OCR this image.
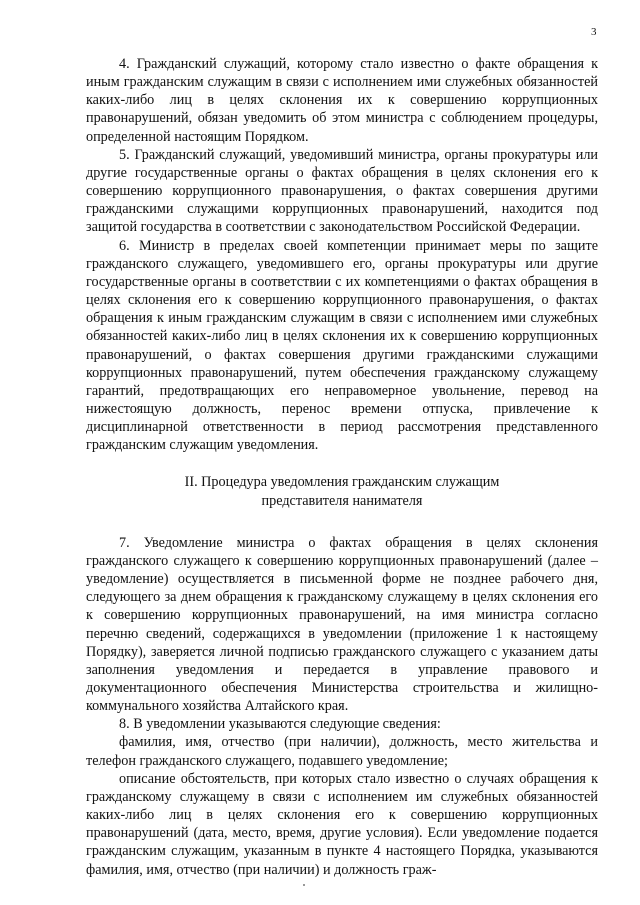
3

4. Гражданский служащий, которому стало известно о факте обращения к иным гражданским служащим в связи с исполнением ими служебных обязанностей каких-либо лиц в целях склонения их к совершению коррупционных правонарушений, обязан уведомить об этом министра с соблюдением процедуры, определенной настоящим Порядком.

5. Гражданский служащий, уведомивший министра, органы прокуратуры или другие государственные органы о фактах обращения в целях склонения его к совершению коррупционного правонарушения, о фактах совершения другими гражданскими служащими коррупционных правонарушений, находится под защитой государства в соответствии с законодательством Российской Федерации.

6. Министр в пределах своей компетенции принимает меры по защите гражданского служащего, уведомившего его, органы прокуратуры или другие государственные органы в соответствии с их компетенциями о фактах обращения в целях склонения его к совершению коррупционного правонарушения, о фактах обращения к иным гражданским служащим в связи с исполнением ими служебных обязанностей каких-либо лиц в целях склонения их к совершению коррупционных правонарушений, о фактах совершения другими гражданскими служащими коррупционных правонарушений, путем обеспечения гражданскому служащему гарантий, предотвращающих его неправомерное увольнение, перевод на нижестоящую должность, перенос времени отпуска, привлечение к дисциплинарной ответственности в период рассмотрения представленного гражданским служащим уведомления.

II. Процедура уведомления гражданским служащим
представителя нанимателя

7. Уведомление министра о фактах обращения в целях склонения гражданского служащего к совершению коррупционных правонарушений (далее – уведомление) осуществляется в письменной форме не позднее рабочего дня, следующего за днем обращения к гражданскому служащему в целях склонения его к совершению коррупционных правонарушений, на имя министра согласно перечню сведений, содержащихся в уведомлении (приложение 1 к настоящему Порядку), заверяется личной подписью гражданского служащего с указанием даты заполнения уведомления и передается в управление правового и документационного обеспечения Министерства строительства и жилищно-коммунального хозяйства Алтайского края.

8. В уведомлении указываются следующие сведения:

фамилия, имя, отчество (при наличии), должность, место жительства и телефон гражданского служащего, подавшего уведомление;

описание обстоятельств, при которых стало известно о случаях обращения к гражданскому служащему в связи с исполнением им служебных обязанностей каких-либо лиц в целях склонения его к совершению коррупционных правонарушений (дата, место, время, другие условия). Если уведомление подается гражданским служащим, указанным в пункте 4 настоящего Порядка, указываются фамилия, имя, отчество (при наличии) и должность граж-
